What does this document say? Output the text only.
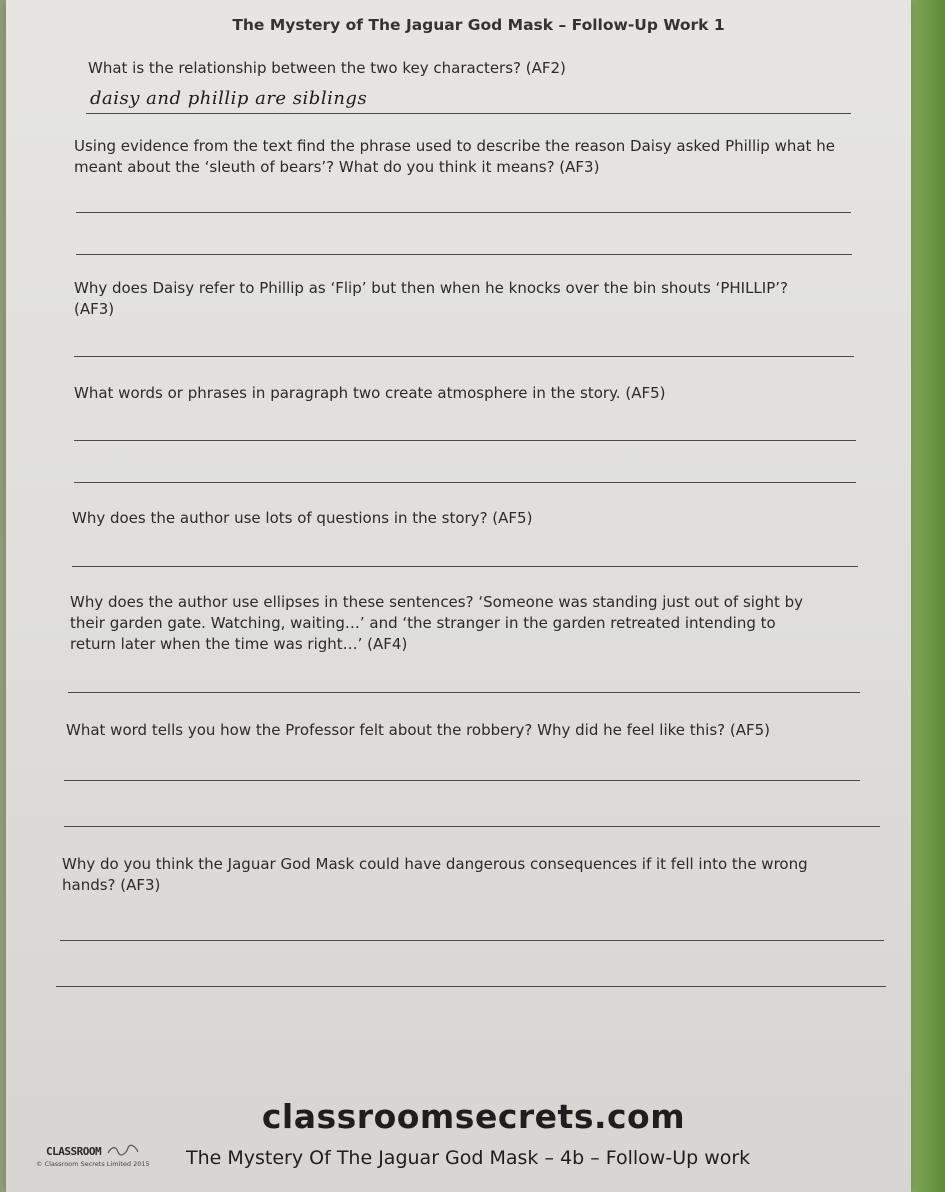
The Mystery of The Jaguar God Mask – Follow-Up Work 1
What is the relationship between the two key characters? (AF2)
daisy and phillip are siblings
Using evidence from the text find the phrase used to describe the reason Daisy asked Phillip what he
meant about the ‘sleuth of bears’? What do you think it means? (AF3)
Why does Daisy refer to Phillip as ‘Flip’ but then when he knocks over the bin shouts ‘PHILLIP’?
(AF3)
What words or phrases in paragraph two create atmosphere in the story. (AF5)
Why does the author use lots of questions in the story? (AF5)
Why does the author use ellipses in these sentences? ‘Someone was standing just out of sight by
their garden gate. Watching, waiting…’ and ‘the stranger in the garden retreated intending to
return later when the time was right…’ (AF4)
What word tells you how the Professor felt about the robbery? Why did he feel like this? (AF5)
Why do you think the Jaguar God Mask could have dangerous consequences if it fell into the wrong
hands? (AF3)
classroomsecrets.com
CLASSROOM
© Classroom Secrets Limited 2015 The Mystery Of The Jaguar God Mask – 4b – Follow-Up work
